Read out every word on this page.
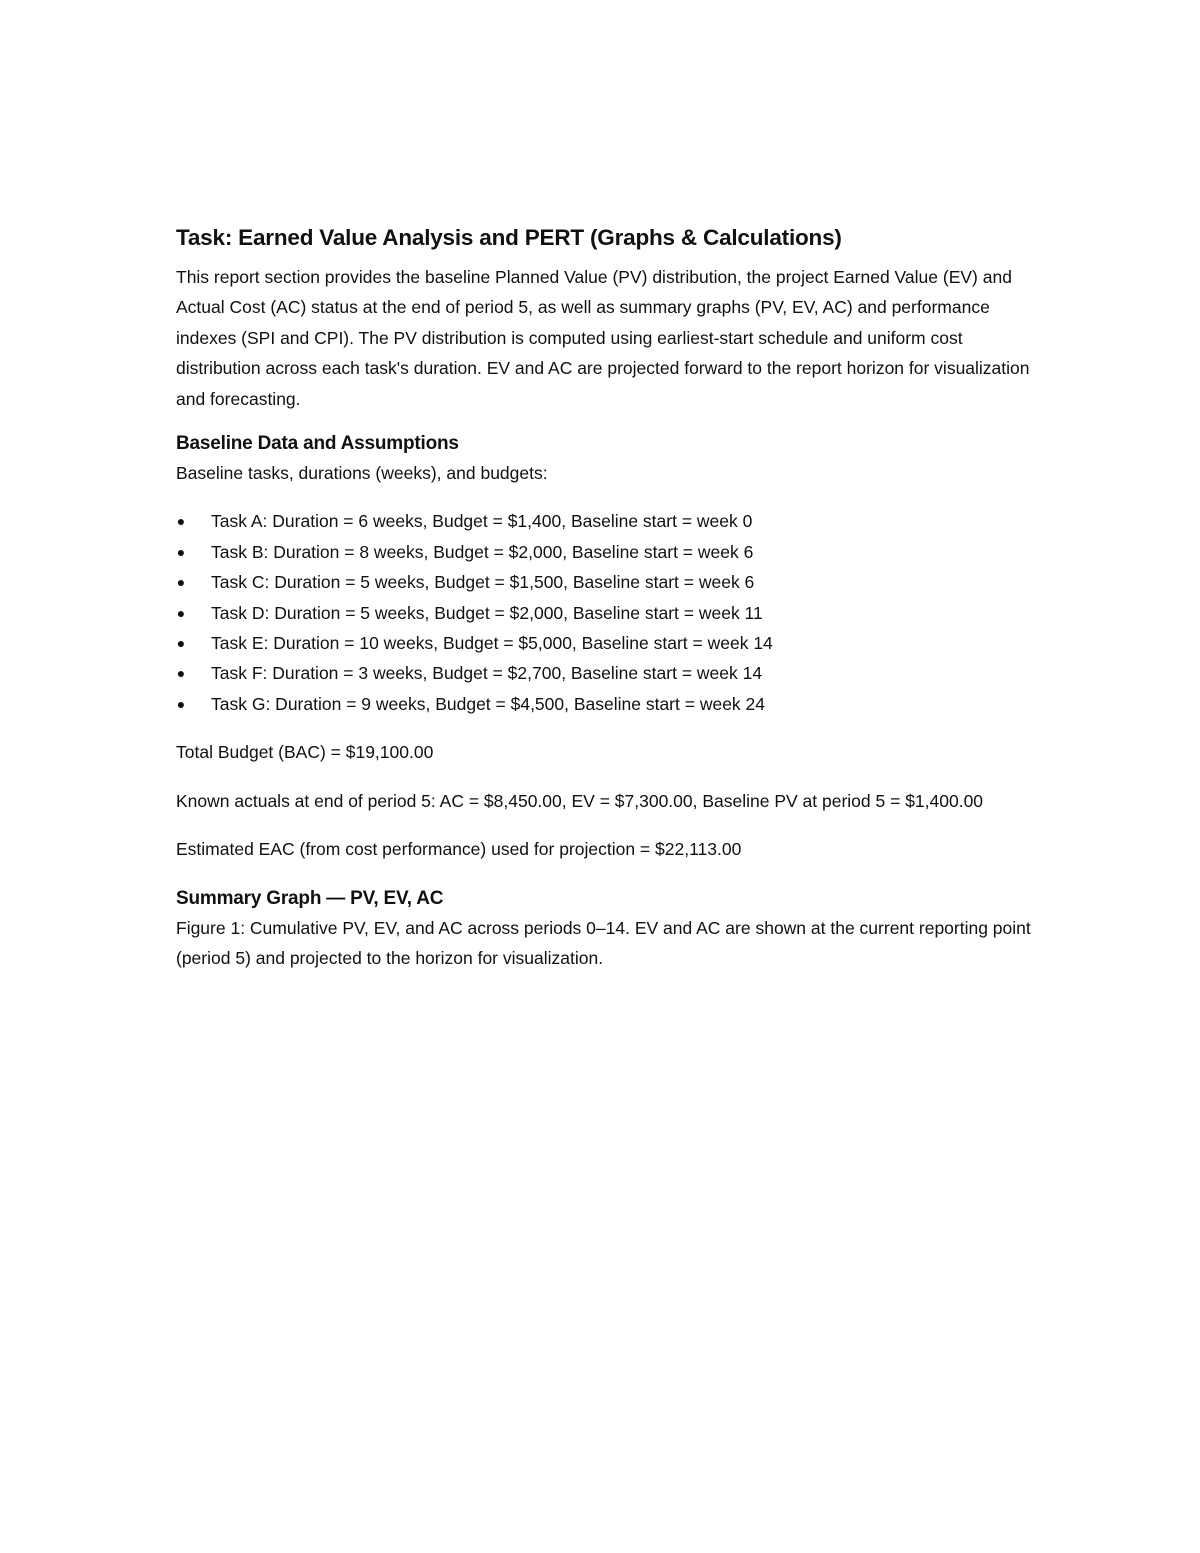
Task: Earned Value Analysis and PERT (Graphs & Calculations)

This report section provides the baseline Planned Value (PV) distribution, the project Earned Value (EV) and Actual Cost (AC) status at the end of period 5, as well as summary graphs (PV, EV, AC) and performance indexes (SPI and CPI). The PV distribution is computed using earliest-start schedule and uniform cost distribution across each task's duration. EV and AC are projected forward to the report horizon for visualization and forecasting.

Baseline Data and Assumptions

Baseline tasks, durations (weeks), and budgets:

● Task A: Duration = 6 weeks, Budget = $1,400, Baseline start = week 0
● Task B: Duration = 8 weeks, Budget = $2,000, Baseline start = week 6
● Task C: Duration = 5 weeks, Budget = $1,500, Baseline start = week 6
● Task D: Duration = 5 weeks, Budget = $2,000, Baseline start = week 11
● Task E: Duration = 10 weeks, Budget = $5,000, Baseline start = week 14
● Task F: Duration = 3 weeks, Budget = $2,700, Baseline start = week 14
● Task G: Duration = 9 weeks, Budget = $4,500, Baseline start = week 24

Total Budget (BAC) = $19,100.00

Known actuals at end of period 5: AC = $8,450.00, EV = $7,300.00, Baseline PV at period 5 = $1,400.00

Estimated EAC (from cost performance) used for projection = $22,113.00

Summary Graph — PV, EV, AC

Figure 1: Cumulative PV, EV, and AC across periods 0–14. EV and AC are shown at the current reporting point (period 5) and projected to the horizon for visualization.
